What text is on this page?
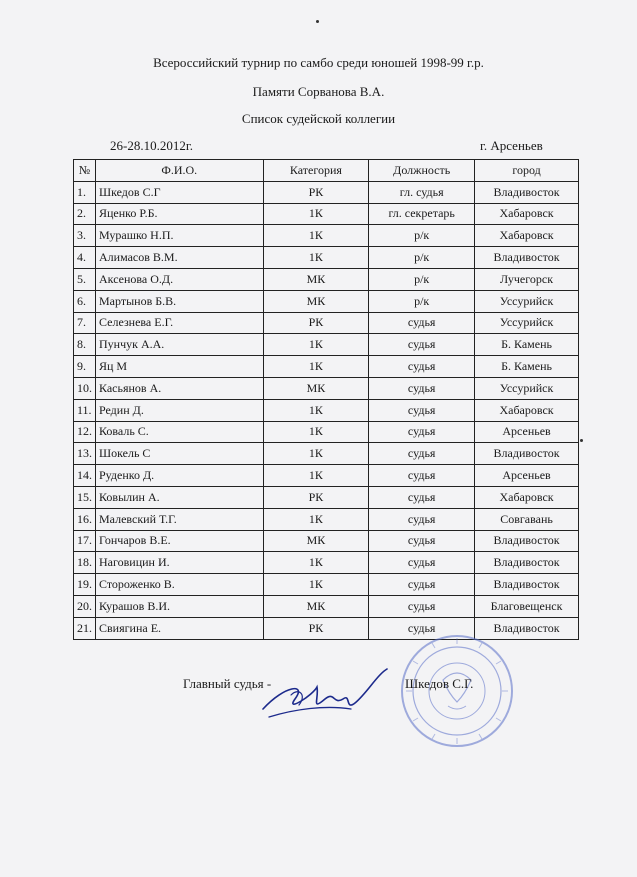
Всероссийский турнир по самбо среди юношей 1998-99 г.р.
Памяти Сорванова В.А.
Список судейской коллегии
26-28.10.2012г.	г. Арсеньев
№	Ф.И.О.	Категория	Должность	город
1.	Шкедов С.Г	РК	гл. судья	Владивосток
2.	Яценко Р.Б.	1К	гл. секретарь	Хабаровск
3.	Мурашко Н.П.	1К	р/к	Хабаровск
4.	Алимасов В.М.	1К	р/к	Владивосток
5.	Аксенова О.Д.	МК	р/к	Лучегорск
6.	Мартынов Б.В.	МК	р/к	Уссурийск
7.	Селезнева Е.Г.	РК	судья	Уссурийск
8.	Пунчук А.А.	1К	судья	Б. Камень
9.	Яц М	1К	судья	Б. Камень
10.	Касьянов А.	МК	судья	Уссурийск
11.	Редин Д.	1К	судья	Хабаровск
12.	Коваль С.	1К	судья	Арсеньев
13.	Шокель С	1К	судья	Владивосток
14.	Руденко Д.	1К	судья	Арсеньев
15.	Ковылин А.	РК	судья	Хабаровск
16.	Малевский Т.Г.	1К	судья	Совгавань
17.	Гончаров В.Е.	МК	судья	Владивосток
18.	Наговицин И.	1К	судья	Владивосток
19.	Стороженко В.	1К	судья	Владивосток
20.	Курашов В.И.	МК	судья	Благовещенск
21.	Свиягина Е.	РК	судья	Владивосток
Главный судья -	Шкедов С.Г.
